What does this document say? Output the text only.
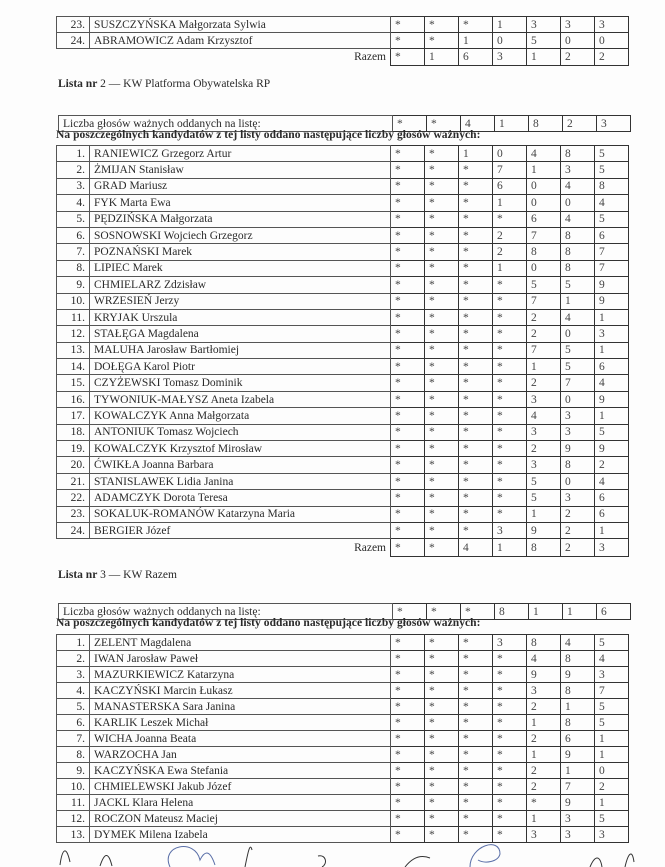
23.	SUSZCZYŃSKA Małgorzata Sylwia	*	*	*	1	3	3	3
24.	ABRAMOWICZ Adam Krzysztof	*	*	1	0	5	0	0
Razem		*	1	6	3	1	2	2
Lista nr 2 — KW Platforma Obywatelska RP
Liczba głosów ważnych oddanych na listę:	*	*	4	1	8	2	3
Na poszczególnych kandydatów z tej listy oddano następujące liczby głosów ważnych:
1.	RANIEWICZ Grzegorz Artur	*	*	1	0	4	8	5
2.	ŻMIJAN Stanisław	*	*	*	7	1	3	5
3.	GRAD Mariusz	*	*	*	6	0	4	8
4.	FYK Marta Ewa	*	*	*	1	0	0	4
5.	PĘDZIŃSKA Małgorzata	*	*	*	*	6	4	5
6.	SOSNOWSKI Wojciech Grzegorz	*	*	*	2	7	8	6
7.	POZNAŃSKI Marek	*	*	*	2	8	8	7
8.	LIPIEC Marek	*	*	*	1	0	8	7
9.	CHMIELARZ Zdzisław	*	*	*	*	5	5	9
10.	WRZESIEŃ Jerzy	*	*	*	*	7	1	9
11.	KRYJAK Urszula	*	*	*	*	2	4	1
12.	STAŁĘGA Magdalena	*	*	*	*	2	0	3
13.	MALUHA Jarosław Bartłomiej	*	*	*	*	7	5	1
14.	DOŁĘGA Karol Piotr	*	*	*	*	1	5	6
15.	CZYŻEWSKI Tomasz Dominik	*	*	*	*	2	7	4
16.	TYWONIUK-MAŁYSZ Aneta Izabela	*	*	*	*	3	0	9
17.	KOWALCZYK Anna Małgorzata	*	*	*	*	4	3	1
18.	ANTONIUK Tomasz Wojciech	*	*	*	*	3	3	5
19.	KOWALCZYK Krzysztof Mirosław	*	*	*	*	2	9	9
20.	ĆWIKŁA Joanna Barbara	*	*	*	*	3	8	2
21.	STANISLAWEK Lidia Janina	*	*	*	*	5	0	4
22.	ADAMCZYK Dorota Teresa	*	*	*	*	5	3	6
23.	SOKALUK-ROMANÓW Katarzyna Maria	*	*	*	*	1	2	6
24.	BERGIER Józef	*	*	*	3	9	2	1
Razem		*	*	4	1	8	2	3
Lista nr 3 — KW Razem
Liczba głosów ważnych oddanych na listę:	*	*	*	8	1	1	6
Na poszczególnych kandydatów z tej listy oddano następujące liczby głosów ważnych:
1.	ZELENT Magdalena	*	*	*	3	8	4	5
2.	IWAN Jarosław Paweł	*	*	*	*	4	8	4
3.	MAZURKIEWICZ Katarzyna	*	*	*	*	9	9	3
4.	KACZYŃSKI Marcin Łukasz	*	*	*	*	3	8	7
5.	MANASTERSKA Sara Janina	*	*	*	*	2	1	5
6.	KARLIK Leszek Michał	*	*	*	*	1	8	5
7.	WICHA Joanna Beata	*	*	*	*	2	6	1
8.	WARZOCHA Jan	*	*	*	*	1	9	1
9.	KACZYŃSKA Ewa Stefania	*	*	*	*	2	1	0
10.	CHMIELEWSKI Jakub Józef	*	*	*	*	2	7	2
11.	JACKL Klara Helena	*	*	*	*	*	9	1
12.	ROCZON Mateusz Maciej	*	*	*	*	1	3	5
13.	DYMEK Milena Izabela	*	*	*	*	3	3	3
